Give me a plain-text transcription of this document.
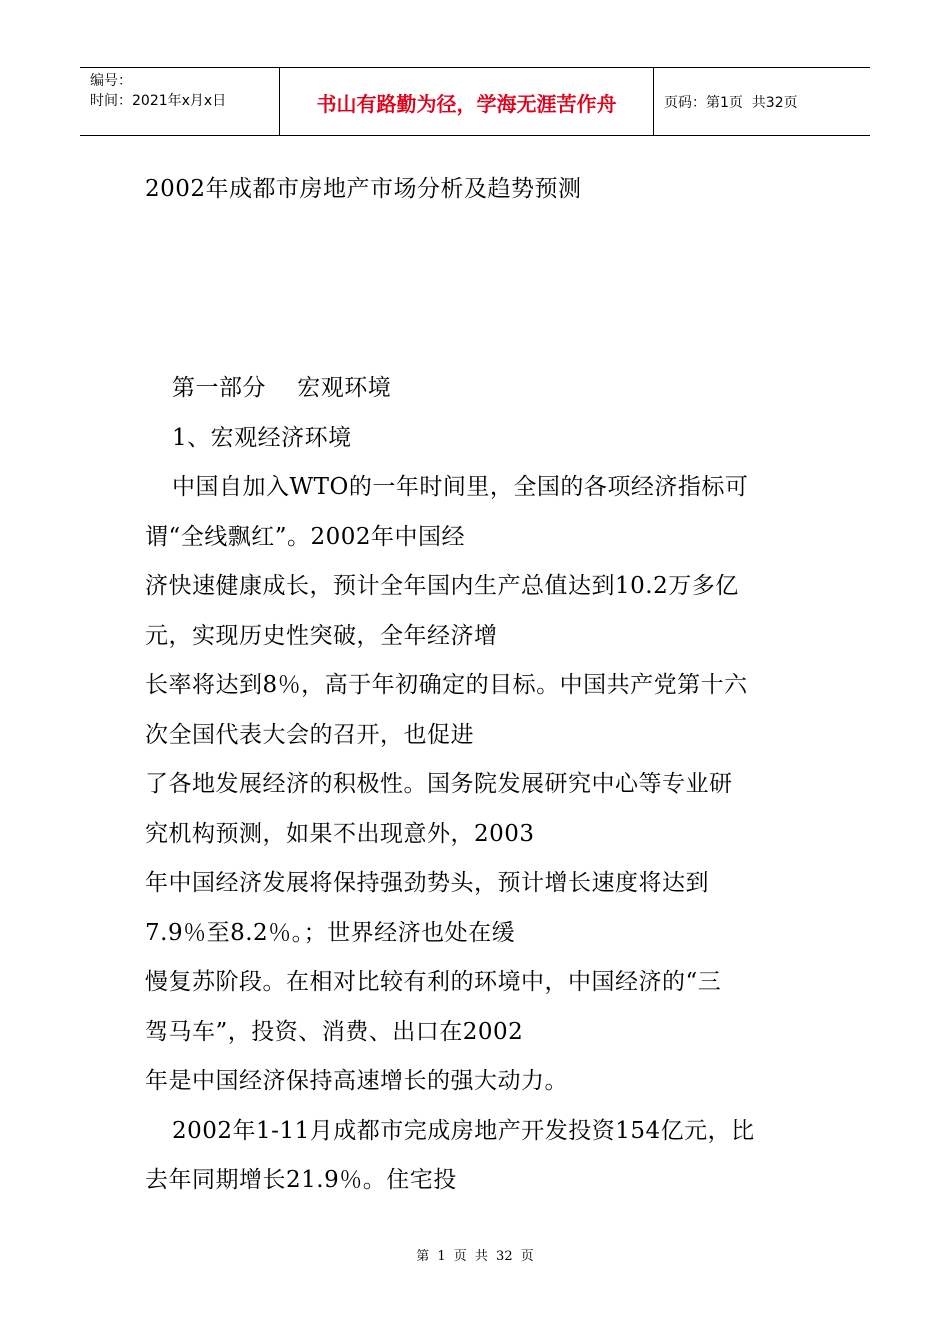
编号：
时间：2021年x月x日	书山有路勤为径，学海无涯苦作舟	页码：第1页  共32页
2002年成都市房地产市场分析及趋势预测
第一部分    宏观环境
1、宏观经济环境
中国自加入WTO的一年时间里，全国的各项经济指标可
谓“全线飘红”。2002年中国经
济快速健康成长，预计全年国内生产总值达到10.2万多亿
元，实现历史性突破，全年经济增
长率将达到8％，高于年初确定的目标。中国共产党第十六
次全国代表大会的召开，也促进
了各地发展经济的积极性。国务院发展研究中心等专业研
究机构预测，如果不出现意外，2003
年中国经济发展将保持强劲势头，预计增长速度将达到
7.9％至8.2％。；世界经济也处在缓
慢复苏阶段。在相对比较有利的环境中，中国经济的“三
驾马车”，投资、消费、出口在2002
年是中国经济保持高速增长的强大动力。
2002年1-11月成都市完成房地产开发投资154亿元，比
去年同期增长21.9％。住宅投
第 1 页 共 32 页
